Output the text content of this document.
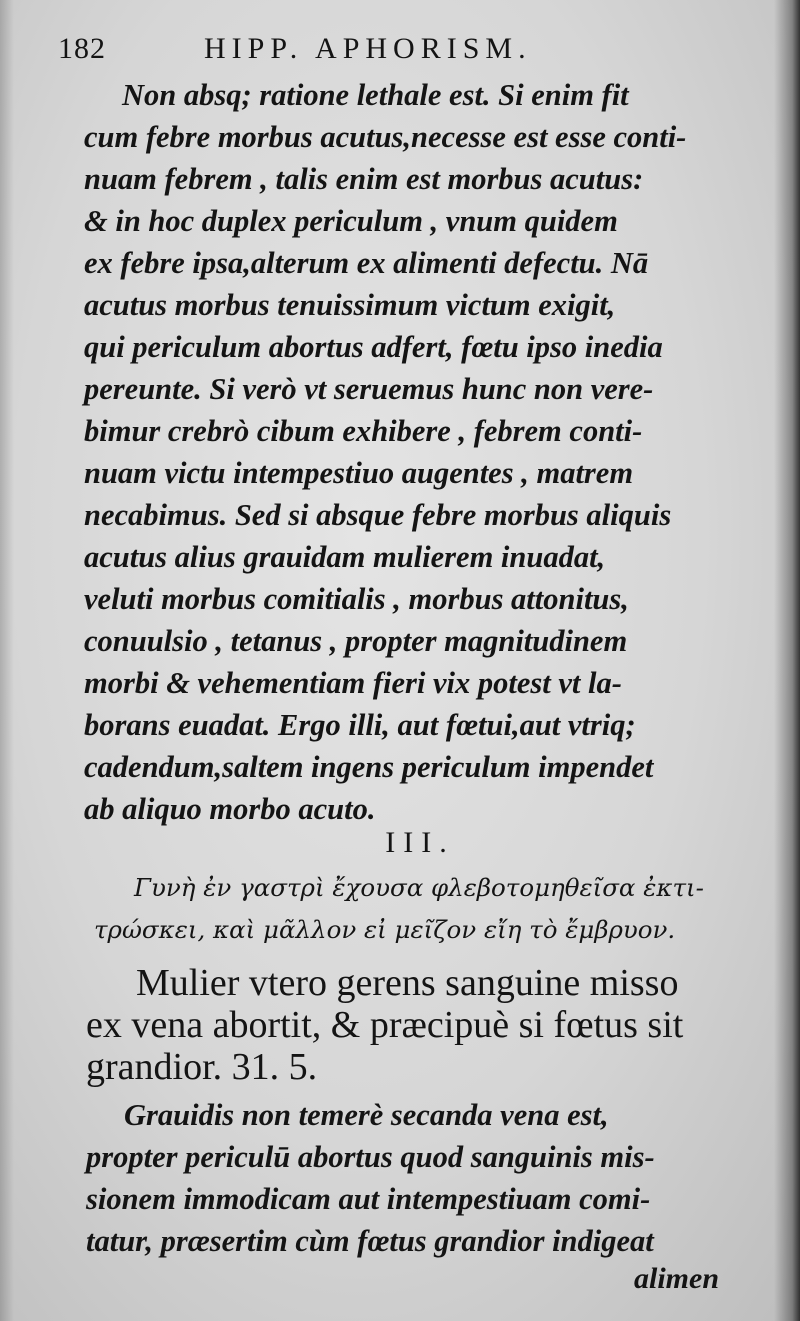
182	HIPP. APHORISM.
Non absq; ratione lethale est. Si enim fit
cum febre morbus acutus,necesse est esse conti-
nuam febrem , talis enim est morbus acutus:
& in hoc duplex periculum , vnum quidem
ex febre ipsa,alterum ex alimenti defectu. Nā
acutus morbus tenuissimum victum exigit,
qui periculum abortus adfert, fœtu ipso inedia
pereunte. Si verò vt seruemus hunc non vere-
bimur crebrò cibum exhibere , febrem conti-
nuam victu intempestiuo augentes , matrem
necabimus. Sed si absque febre morbus aliquis
acutus alius grauidam mulierem inuadat,
veluti morbus comitialis , morbus attonitus,
conuulsio , tetanus , propter magnitudinem
morbi & vehementiam fieri vix potest vt la-
borans euadat. Ergo illi, aut fœtui,aut vtriq;
cadendum,saltem ingens periculum impendet
ab aliquo morbo acuto.
III.
Γυνὴ ἐν γαστρὶ ἔχουσα φλεβοτομηθεῖσα ἐκτι-
τρώσκει, καὶ μᾶλλον εἰ μεῖζον εἴη τὸ ἔμβρυον.
Mulier vtero gerens sanguine misso
ex vena abortit, & præcipuè si fœtus sit
grandior. 31. 5.
Grauidis non temerè secanda vena est,
propter periculū abortus quod sanguinis mis-
sionem immodicam aut intempestiuam comi-
tatur, præsertim cùm fœtus grandior indigeat
alimen
